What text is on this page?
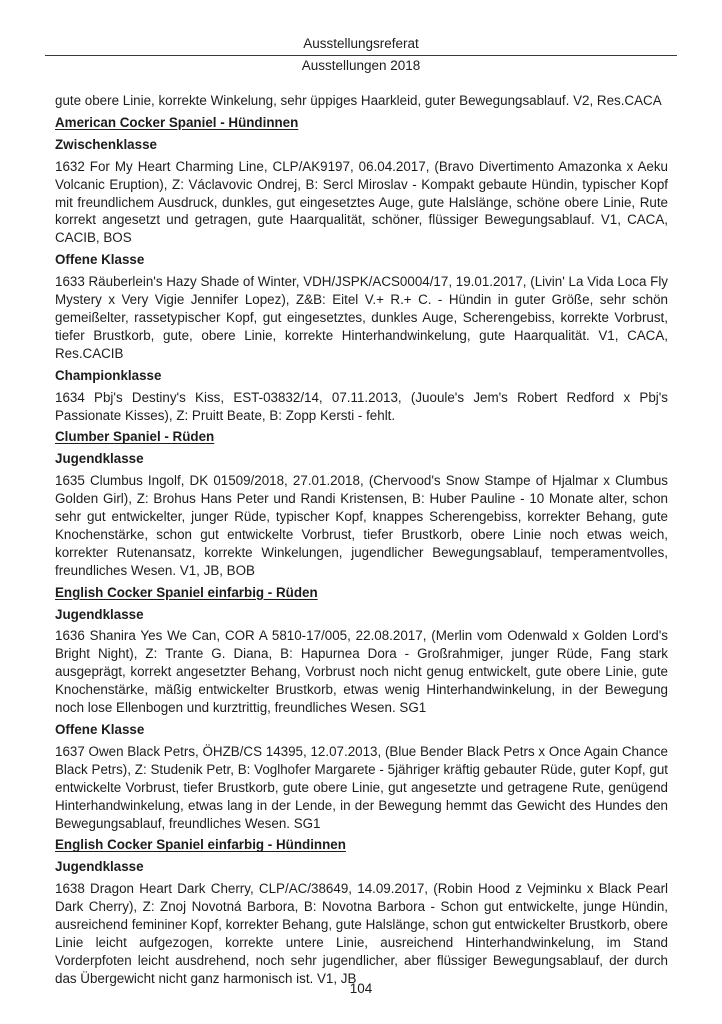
Ausstellungsreferat
Ausstellungen 2018

gute obere Linie, korrekte Winkelung, sehr üppiges Haarkleid, guter Bewegungsablauf. V2, Res.CACA

American Cocker Spaniel - Hündinnen
Zwischenklasse

1632 For My Heart Charming Line, CLP/AK9197, 06.04.2017, (Bravo Divertimento Amazonka x Aeku Volcanic Eruption), Z: Václavovic Ondrej, B: Sercl Miroslav - Kompakt gebaute Hündin, typischer Kopf mit freundlichem Ausdruck, dunkles, gut eingesetztes Auge, gute Halslänge, schöne obere Linie, Rute korrekt angesetzt und getragen, gute Haarqualität, schöner, flüssiger Bewegungsablauf. V1, CACA, CACIB, BOS

Offene Klasse

1633 Räuberlein's Hazy Shade of Winter, VDH/JSPK/ACS0004/17, 19.01.2017, (Livin' La Vida Loca Fly Mystery x Very Vigie Jennifer Lopez), Z&B: Eitel V.+ R.+ C. - Hündin in guter Größe, sehr schön gemeißelter, rassetypischer Kopf, gut eingesetztes, dunkles Auge, Scherengebiss, korrekte Vorbrust, tiefer Brustkorb, gute, obere Linie, korrekte Hinterhandwinkelung, gute Haarqualität. V1, CACA, Res.CACIB

Championklasse

1634 Pbj's Destiny's Kiss, EST-03832/14, 07.11.2013, (Juoule's Jem's Robert Redford x Pbj's Passionate Kisses), Z: Pruitt Beate, B: Zopp Kersti - fehlt.

Clumber Spaniel - Rüden
Jugendklasse

1635 Clumbus Ingolf, DK 01509/2018, 27.01.2018, (Chervood's Snow Stampe of Hjalmar x Clumbus Golden Girl), Z: Brohus Hans Peter und Randi Kristensen, B: Huber Pauline - 10 Monate alter, schon sehr gut entwickelter, junger Rüde, typischer Kopf, knappes Scherengebiss, korrekter Behang, gute Knochenstärke, schon gut entwickelte Vorbrust, tiefer Brustkorb, obere Linie noch etwas weich, korrekter Rutenansatz, korrekte Winkelungen, jugendlicher Bewegungsablauf, temperamentvolles, freundliches Wesen. V1, JB, BOB

English Cocker Spaniel einfarbig - Rüden
Jugendklasse

1636 Shanira Yes We Can, COR A 5810-17/005, 22.08.2017, (Merlin vom Odenwald x Golden Lord's Bright Night), Z: Trante G. Diana, B: Hapurnea Dora - Großrahmiger, junger Rüde, Fang stark ausgeprägt, korrekt angesetzter Behang, Vorbrust noch nicht genug entwickelt, gute obere Linie, gute Knochenstärke, mäßig entwickelter Brustkorb, etwas wenig Hinterhandwinkelung, in der Bewegung noch lose Ellenbogen und kurztrittig, freundliches Wesen. SG1

Offene Klasse

1637 Owen Black Petrs, ÖHZB/CS 14395, 12.07.2013, (Blue Bender Black Petrs x Once Again Chance Black Petrs), Z: Studenik Petr, B: Voglhofer Margarete - 5jähriger kräftig gebauter Rüde, guter Kopf, gut entwickelte Vorbrust, tiefer Brustkorb, gute obere Linie, gut angesetzte und getragene Rute, genügend Hinterhandwinkelung, etwas lang in der Lende, in der Bewegung hemmt das Gewicht des Hundes den Bewegungsablauf, freundliches Wesen. SG1

English Cocker Spaniel einfarbig - Hündinnen
Jugendklasse

1638 Dragon Heart Dark Cherry, CLP/AC/38649, 14.09.2017, (Robin Hood z Vejminku x Black Pearl Dark Cherry), Z: Znoj Novotná Barbora, B: Novotna Barbora - Schon gut entwickelte, junge Hündin, ausreichend femininer Kopf, korrekter Behang, gute Halslänge, schon gut entwickelter Brustkorb, obere Linie leicht aufgezogen, korrekte untere Linie, ausreichend Hinterhandwinkelung, im Stand Vorderpfoten leicht ausdrehend, noch sehr jugendlicher, aber flüssiger Bewegungsablauf, der durch das Übergewicht nicht ganz harmonisch ist. V1, JB

104
